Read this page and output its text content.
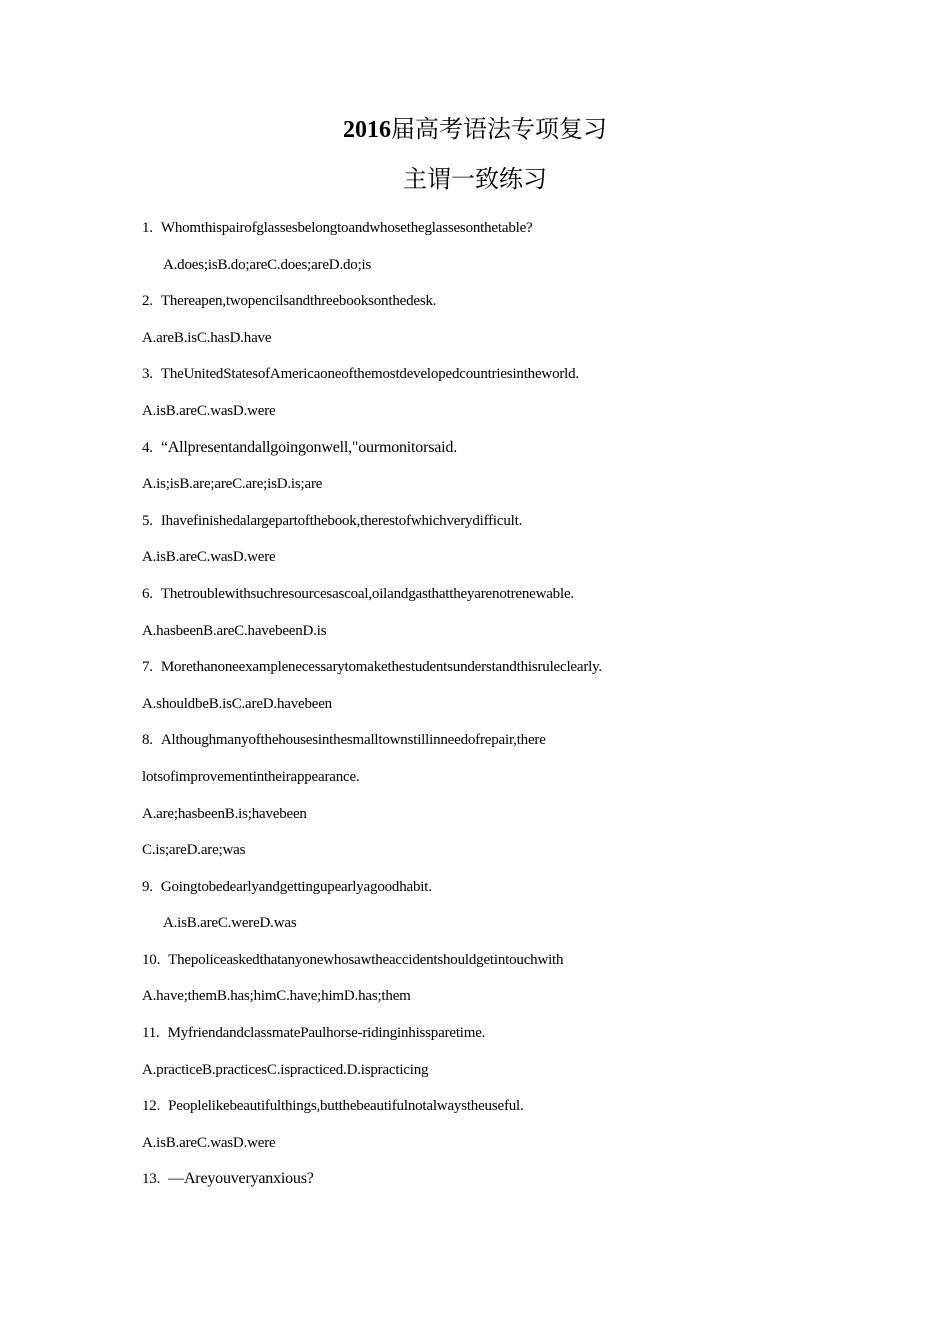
2016届高考语法专项复习
主谓一致练习
1. Whomthispairofglassesbelongtoandwhosetheglassesonthetable?
A.does;isB.do;areC.does;areD.do;is
2. Thereapen,twopencilsandthreebooksonthedesk.
A.areB.isC.hasD.have
3. TheUnitedStatesofAmericaoneofthemostdevelopedcountriesintheworld.
A.isB.areC.wasD.were
4. “Allpresentandallgoingonwell,"ourmonitorsaid.
A.is;isB.are;areC.are;isD.is;are
5. Ihavefinishedalargepartofthebook,therestofwhichverydifficult.
A.isB.areC.wasD.were
6. Thetroublewithsuchresourcesascoal,oilandgasthattheyarenotrenewable.
A.hasbeenB.areC.havebeenD.is
7. Morethanoneexamplenecessarytomakethestudentsunderstandthisruleclearly.
A.shouldbeB.isC.areD.havebeen
8. Althoughmanyofthehousesinthesmalltownstillinneedofrepair,there
lotsofimprovementintheirappearance.
A.are;hasbeenB.is;havebeen
C.is;areD.are;was
9. Goingtobedearlyandgettingupearlyagoodhabit.
A.isB.areC.wereD.was
10. Thepoliceaskedthatanyonewhosawtheaccidentshouldgetintouchwith
A.have;themB.has;himC.have;himD.has;them
11. MyfriendandclassmatePaulhorse-ridinginhissparetime.
A.practiceB.practicesC.ispracticed.D.ispracticing
12. Peoplelikebeautifulthings,butthebeautifulnotalwaystheuseful.
A.isB.areC.wasD.were
13. —Areyouveryanxious?
